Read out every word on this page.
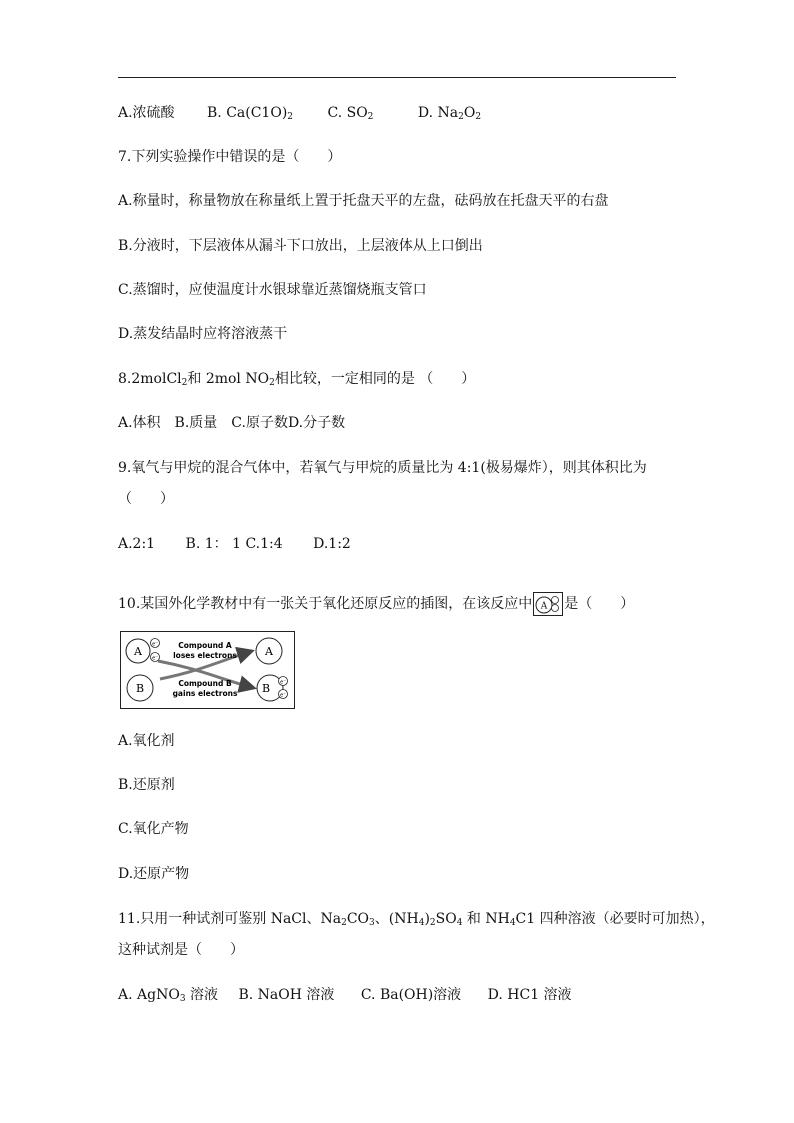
A.浓硫酸 B. $Ca(C1O)_2$ C. $SO_2$	D. $Na_2O_2$
7.下列实验操作中错误的是（　　）
A.称量时，称量物放在称量纸上置于托盘天平的左盘，砝码放在托盘天平的右盘
B.分液时，下层液体从漏斗下口放出，上层液体从上口倒出
C.蒸馏时，应使温度计水银球靠近蒸馏烧瓶支管口
D.蒸发结晶时应将溶液蒸干
8.2molCl$_2$和 2mol $NO_2$相比较，一定相同的是 （　　）
A.体积　B.质量　C.原子数D.分子数
9.氧气与甲烷的混合气体中，若氧气与甲烷的质量比为 4:1(极易爆炸），则其体积比为
（　　）
A.2:1 B. 1： 1 C.1:4 D.1:2
10.某国外化学教材中有一张关于氧化还原反应的插图，在该反应中 A 是（　　）
A
e⁻
e⁻
B
A
B e⁻
e⁻
Compound A
loses electrons
Compound B
gains electrons
A.氧化剂
B.还原剂
C.氧化产物
D.还原产物
11.只用一种试剂可鉴别 NaCl、$Na_2CO_3$、$(NH_4)_2SO_4$ 和 $NH_4C1$ 四种溶液（必要时可加热），
这种试剂是（　　）
A. AgNO$_3$ 溶液 B. NaOH 溶液 C. Ba(OH)溶液 D. HC1 溶液
